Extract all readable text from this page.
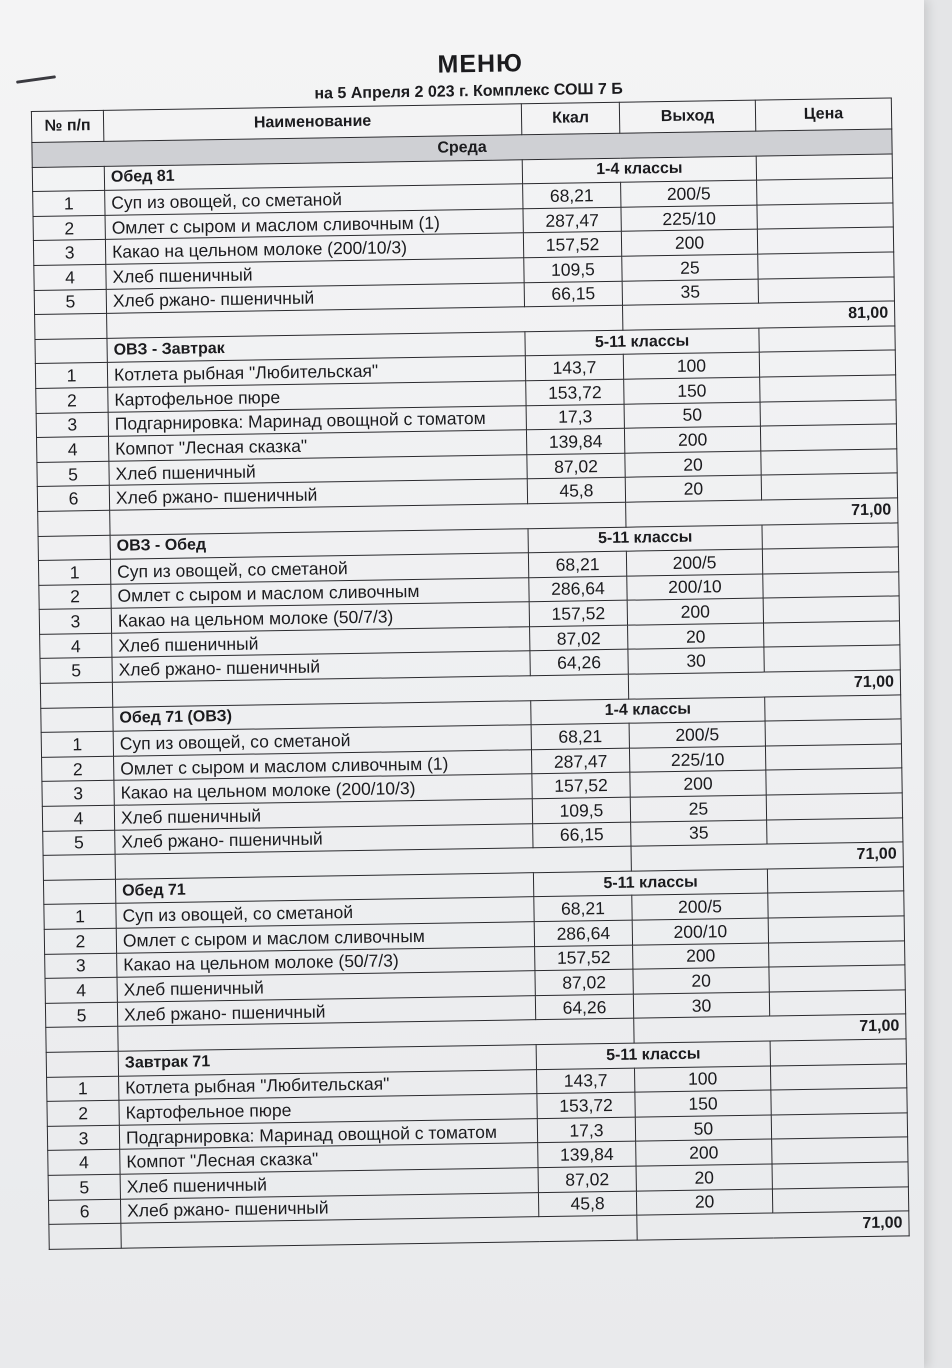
МЕНЮ
на 5 Апреля 2 023 г. Комплекс СОШ 7 Б
№ п/п	Наименование	Ккал	Выход	Цена
Среда				
	Обед 81	1-4 классы		
1	Суп из овощей, со сметаной	68,21	200/5	
2	Омлет с сыром и маслом сливочным (1)	287,47	225/10	
3	Какао на цельном молоке (200/10/3)	157,52	200	
4	Хлеб пшеничный	109,5	25	
5	Хлеб ржано- пшеничный	66,15	35	
			81,00	
	ОВЗ - Завтрак	5-11 классы		
1	Котлета рыбная "Любительская"	143,7	100	
2	Картофельное пюре	153,72	150	
3	Подгарнировка: Маринад овощной с томатом	17,3	50	
4	Компот "Лесная сказка"	139,84	200	
5	Хлеб пшеничный	87,02	20	
6	Хлеб ржано- пшеничный	45,8	20	
			71,00	
	ОВЗ - Обед	5-11 классы		
1	Суп из овощей, со сметаной	68,21	200/5	
2	Омлет с сыром и маслом сливочным	286,64	200/10	
3	Какао на цельном молоке (50/7/3)	157,52	200	
4	Хлеб пшеничный	87,02	20	
5	Хлеб ржано- пшеничный	64,26	30	
			71,00	
	Обед 71 (ОВЗ)	1-4 классы		
1	Суп из овощей, со сметаной	68,21	200/5	
2	Омлет с сыром и маслом сливочным (1)	287,47	225/10	
3	Какао на цельном молоке (200/10/3)	157,52	200	
4	Хлеб пшеничный	109,5	25	
5	Хлеб ржано- пшеничный	66,15	35	
			71,00	
	Обед 71	5-11 классы		
1	Суп из овощей, со сметаной	68,21	200/5	
2	Омлет с сыром и маслом сливочным	286,64	200/10	
3	Какао на цельном молоке (50/7/3)	157,52	200	
4	Хлеб пшеничный	87,02	20	
5	Хлеб ржано- пшеничный	64,26	30	
			71,00	
	Завтрак 71	5-11 классы		
1	Котлета рыбная "Любительская"	143,7	100	
2	Картофельное пюре	153,72	150	
3	Подгарнировка: Маринад овощной с томатом	17,3	50	
4	Компот "Лесная сказка"	139,84	200	
5	Хлеб пшеничный	87,02	20	
6	Хлеб ржано- пшеничный	45,8	20	
			71,00	
